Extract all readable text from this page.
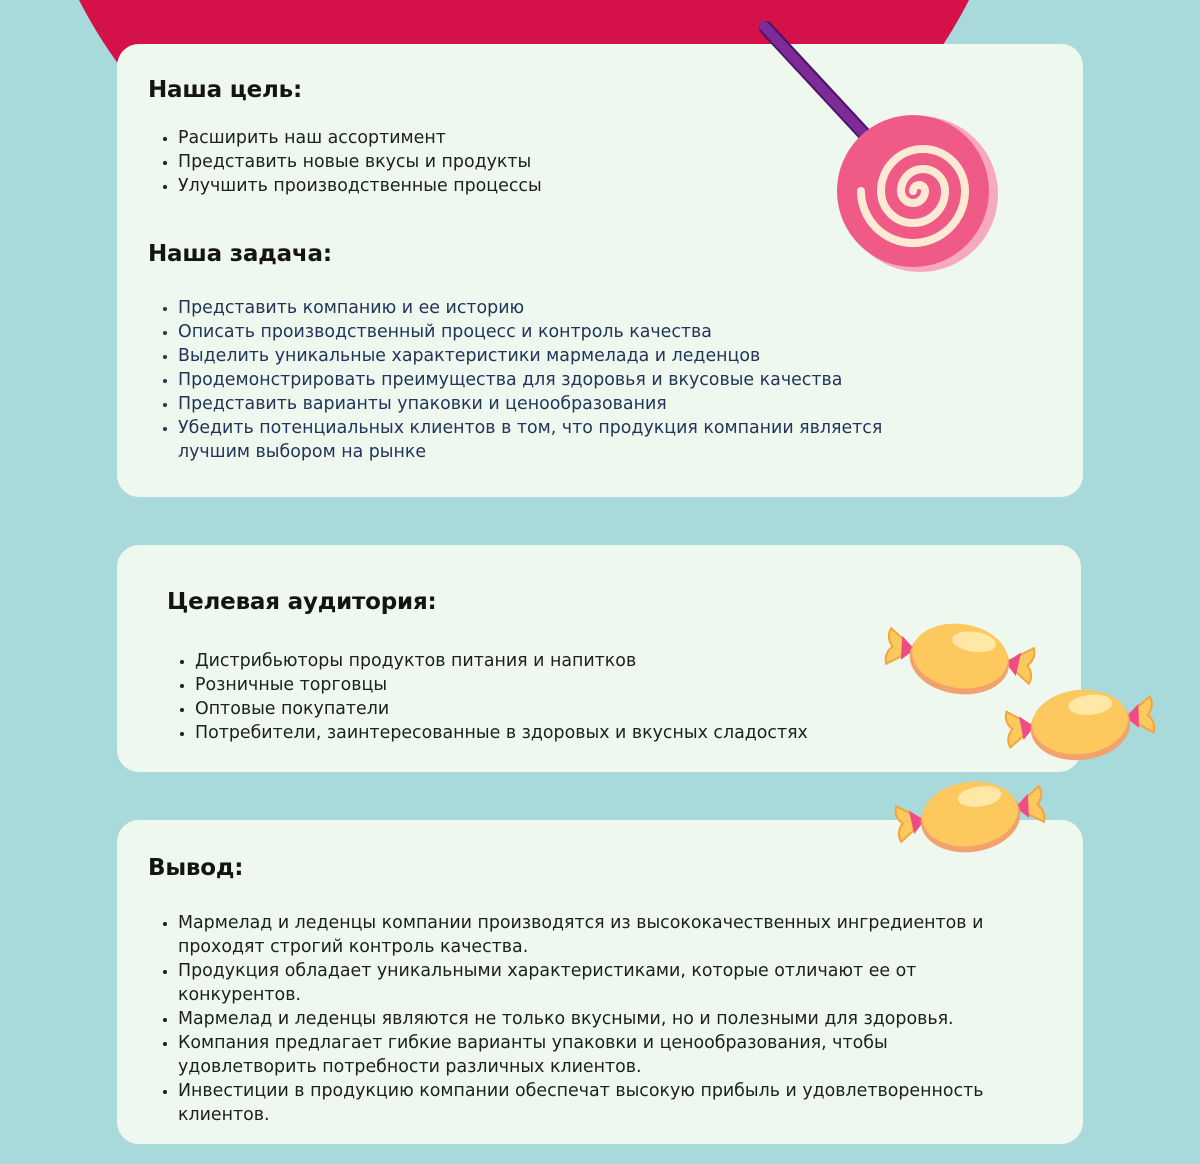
Наша цель:
• Расширить наш ассортимент
• Представить новые вкусы и продукты
• Улучшить производственные процессы
Наша задача:
• Представить компанию и ее историю
• Описать производственный процесс и контроль качества
• Выделить уникальные характеристики мармелада и леденцов
• Продемонстрировать преимущества для здоровья и вкусовые качества
• Представить варианты упаковки и ценообразования
• Убедить потенциальных клиентов в том, что продукция компании является лучшим выбором на рынке
Целевая аудитория:
• Дистрибьюторы продуктов питания и напитков
• Розничные торговцы
• Оптовые покупатели
• Потребители, заинтересованные в здоровых и вкусных сладостях
Вывод:
• Мармелад и леденцы компании производятся из высококачественных ингредиентов и проходят строгий контроль качества.
• Продукция обладает уникальными характеристиками, которые отличают ее от конкурентов.
• Мармелад и леденцы являются не только вкусными, но и полезными для здоровья.
• Компания предлагает гибкие варианты упаковки и ценообразования, чтобы удовлетворить потребности различных клиентов.
• Инвестиции в продукцию компании обеспечат высокую прибыль и удовлетворенность клиентов.
